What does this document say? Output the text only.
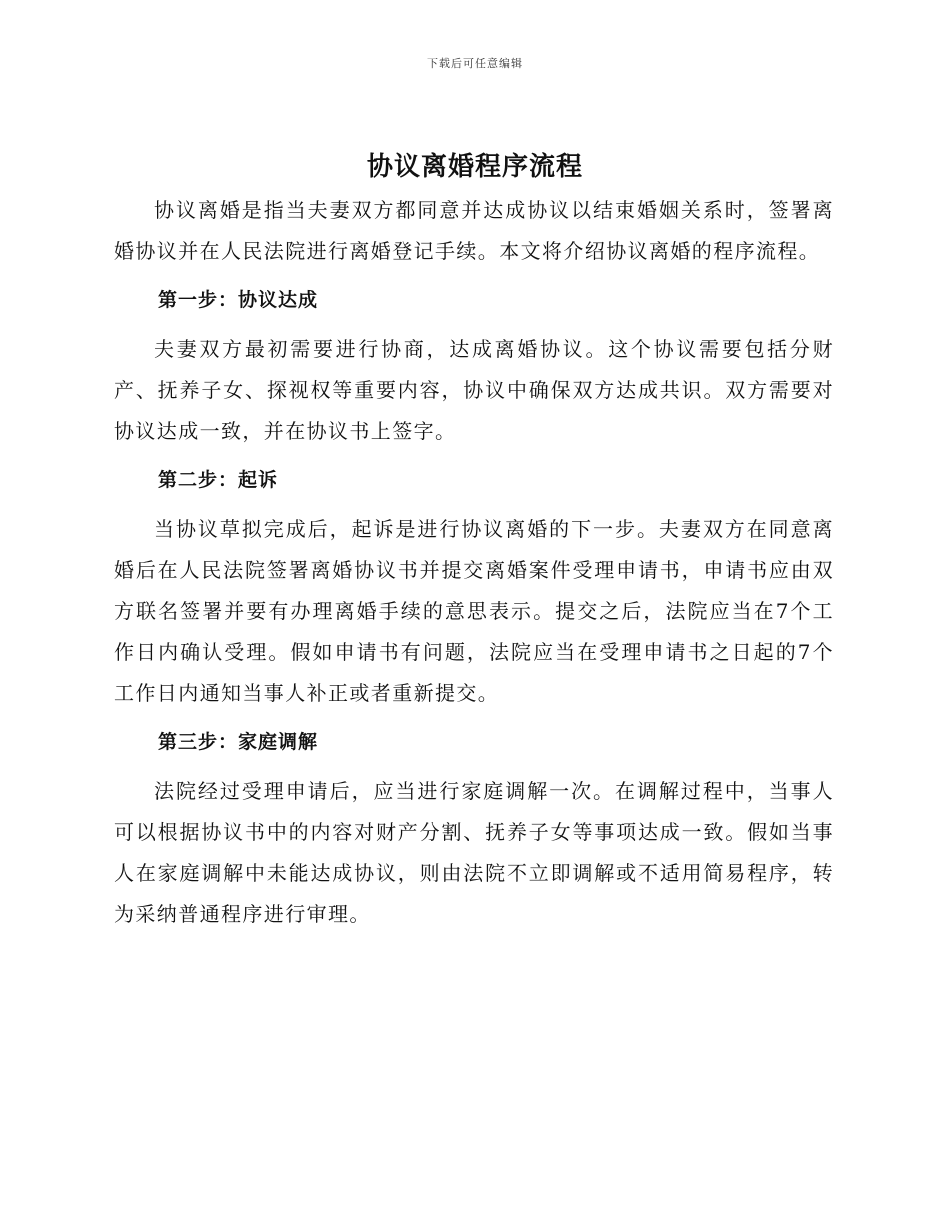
下载后可任意编辑
协议离婚程序流程

协议离婚是指当夫妻双方都同意并达成协议以结束婚姻关系时，签署离婚协议并在人民法院进行离婚登记手续。本文将介绍协议离婚的程序流程。

第一步：协议达成

夫妻双方最初需要进行协商，达成离婚协议。这个协议需要包括分财产、抚养子女、探视权等重要内容，协议中确保双方达成共识。双方需要对协议达成一致，并在协议书上签字。

第二步：起诉

当协议草拟完成后，起诉是进行协议离婚的下一步。夫妻双方在同意离婚后在人民法院签署离婚协议书并提交离婚案件受理申请书，申请书应由双方联名签署并要有办理离婚手续的意思表示。提交之后，法院应当在7个工作日内确认受理。假如申请书有问题，法院应当在受理申请书之日起的7个工作日内通知当事人补正或者重新提交。

第三步：家庭调解

法院经过受理申请后，应当进行家庭调解一次。在调解过程中，当事人可以根据协议书中的内容对财产分割、抚养子女等事项达成一致。假如当事人在家庭调解中未能达成协议，则由法院不立即调解或不适用简易程序，转为采纳普通程序进行审理。
